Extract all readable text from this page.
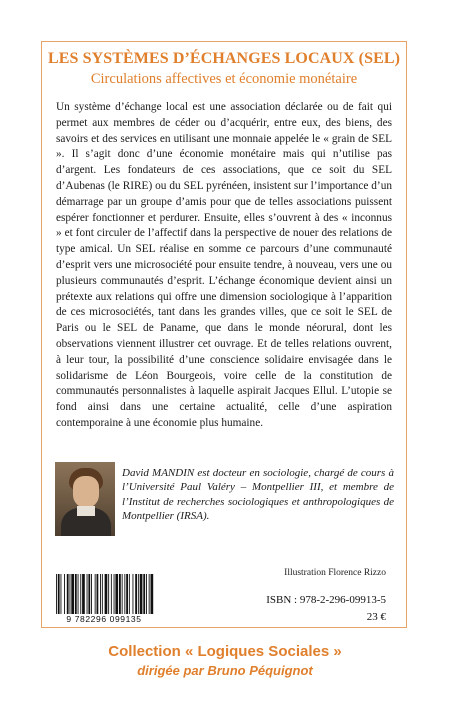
LES SYSTÈMES D’ÉCHANGES LOCAUX (SEL)
Circulations affectives et économie monétaire
Un système d’échange local est une association déclarée ou de fait qui permet aux membres de céder ou d’acquérir, entre eux, des biens, des savoirs et des services en utilisant une monnaie appelée le « grain de SEL ». Il s’agit donc d’une économie monétaire mais qui n’utilise pas d’argent. Les fondateurs de ces associations, que ce soit du SEL d’Aubenas (le RIRE) ou du SEL pyrénéen, insistent sur l’importance d’un démarrage par un groupe d’amis pour que de telles associations puissent espérer fonctionner et perdurer. Ensuite, elles s’ouvrent à des « inconnus » et font circuler de l’affectif dans la perspective de nouer des relations de type amical. Un SEL réalise en somme ce parcours d’une communauté d’esprit vers une microsociété pour ensuite tendre, à nouveau, vers une ou plusieurs communautés d’esprit. L’échange économique devient ainsi un prétexte aux relations qui offre une dimension sociologique à l’apparition de ces microsociétés, tant dans les grandes villes, que ce soit le SEL de Paris ou le SEL de Paname, que dans le monde néorural, dont les observations viennent illustrer cet ouvrage. Et de telles relations ouvrent, à leur tour, la possibilité d’une conscience solidaire envisagée dans le solidarisme de Léon Bourgeois, voire celle de la constitution de communautés personnalistes à laquelle aspirait Jacques Ellul. L’utopie se fond ainsi dans une certaine actualité, celle d’une aspiration contemporaine à une économie plus humaine.
David MANDIN est docteur en sociologie, chargé de cours à l’Université Paul Valéry – Montpellier III, et membre de l’Institut de recherches sociologiques et anthropologiques de Montpellier (IRSA).
Illustration Florence Rizzo
9 782296 099135
ISBN : 978-2-296-09913-5
23 €
Collection « Logiques Sociales »
dirigée par Bruno Péquignot
